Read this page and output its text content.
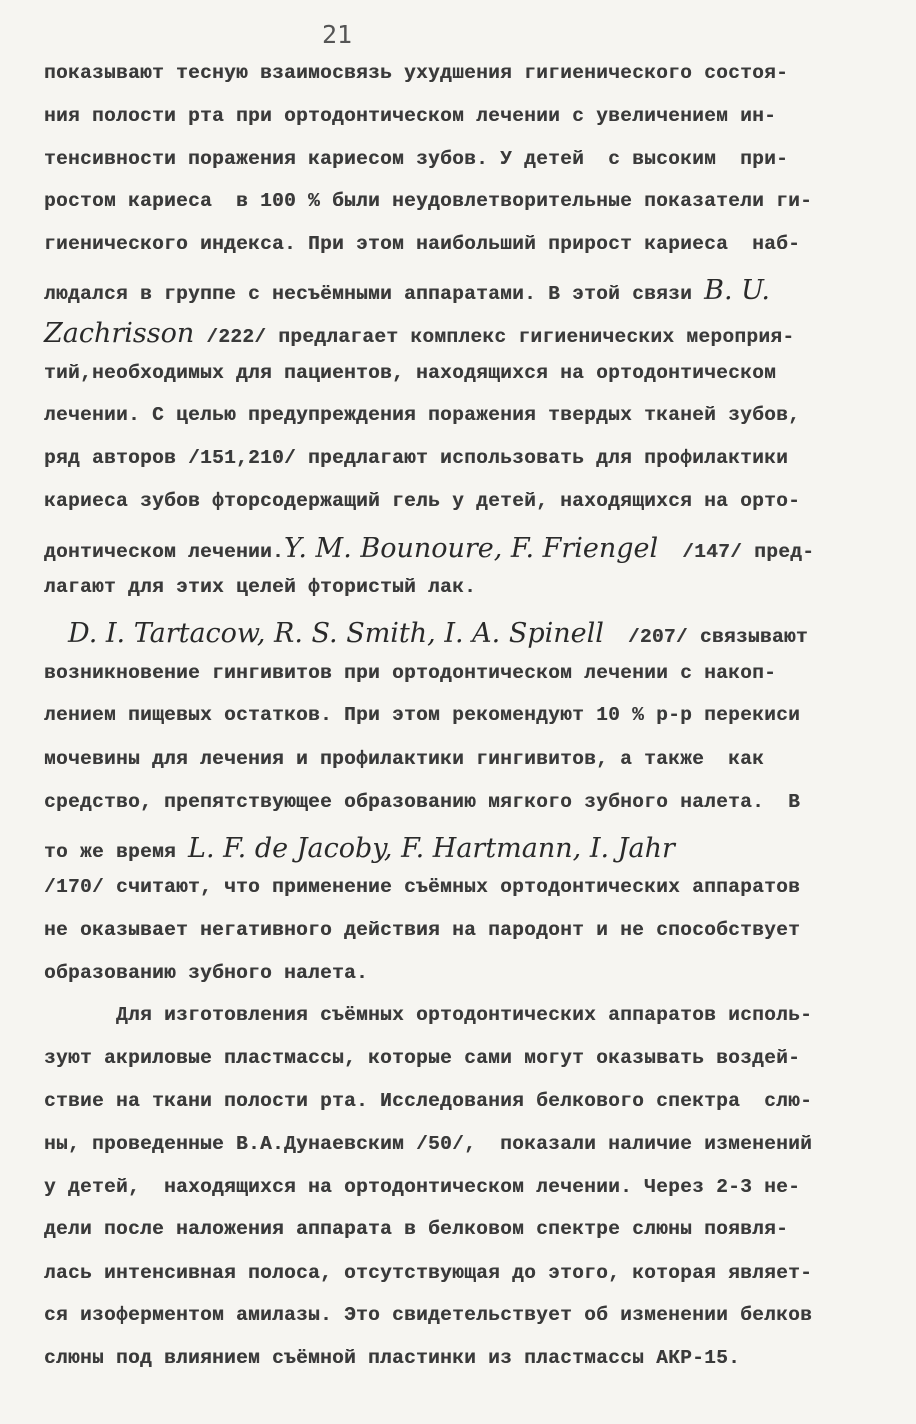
21
показывают тесную взаимосвязь ухудшения гигиенического состоя-
ния полости рта при ортодонтическом лечении с увеличением ин-
тенсивности поражения кариесом зубов. У детей  с высоким  при-
ростом кариеса  в 100 % были неудовлетворительные показатели ги-
гиенического индекса. При этом наибольший прирост кариеса  наб-
людался в группе с несъёмными аппаратами. В этой связи B. U.
Zachrisson /222/ предлагает комплекс гигиенических мероприя-
тий,необходимых для пациентов, находящихся на ортодонтическом
лечении. С целью предупреждения поражения твердых тканей зубов,
ряд авторов /151,210/ предлагают использовать для профилактики
кариеса зубов фторсодержащий гель у детей, находящихся на орто-
донтическом лечении.Y. M. Bounoure, F. Friengel  /147/ пред-
лагают для этих целей фтористый лак.
D. I. Tartacow, R. S. Smith, I. A. Spinell  /207/ связывают
возникновение гингивитов при ортодонтическом лечении с накоп-
лением пищевых остатков. При этом рекомендуют 10 % р-р перекиси
мочевины для лечения и профилактики гингивитов, а также  как
средство, препятствующее образованию мягкого зубного налета.  В
то же время L. F. de Jacoby, F. Hartmann, I. Jahr
/170/ считают, что применение съёмных ортодонтических аппаратов
не оказывает негативного действия на пародонт и не способствует
образованию зубного налета.
Для изготовления съёмных ортодонтических аппаратов исполь-
зуют акриловые пластмассы, которые сами могут оказывать воздей-
ствие на ткани полости рта. Исследования белкового спектра  слю-
ны, проведенные В.А.Дунаевским /50/,  показали наличие изменений
у детей,  находящихся на ортодонтическом лечении. Через 2-3 не-
дели после наложения аппарата в белковом спектре слюны появля-
лась интенсивная полоса, отсутствующая до этого, которая являет-
ся изоферментом амилазы. Это свидетельствует об изменении белков
слюны под влиянием съёмной пластинки из пластмассы АКР-15.
